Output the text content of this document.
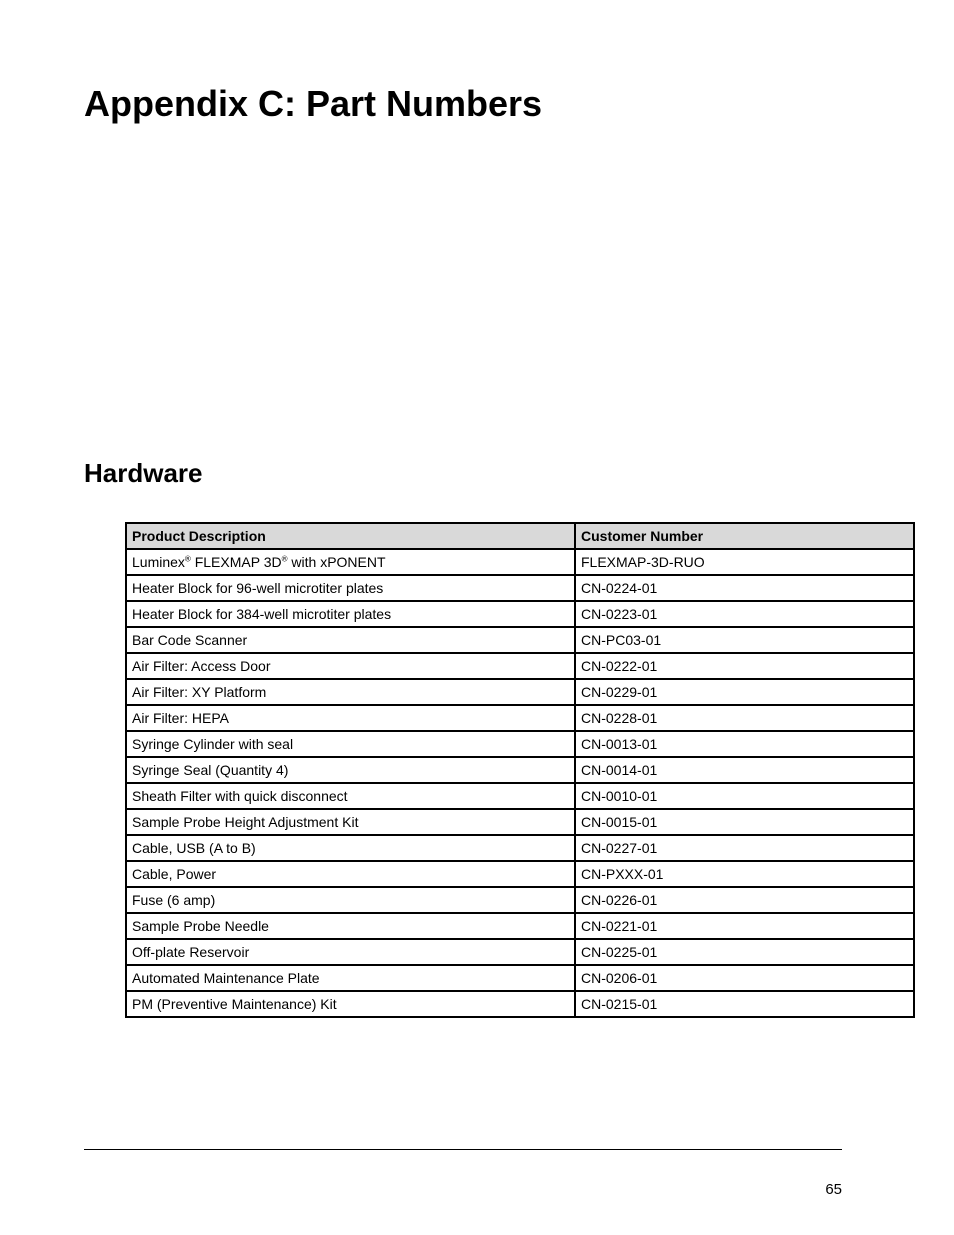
Appendix C: Part Numbers
Hardware
Product Description	Customer Number
Luminex® FLEXMAP 3D® with xPONENT	FLEXMAP-3D-RUO
Heater Block for 96-well microtiter plates	CN-0224-01
Heater Block for 384-well microtiter plates	CN-0223-01
Bar Code Scanner	CN-PC03-01
Air Filter: Access Door	CN-0222-01
Air Filter: XY Platform	CN-0229-01
Air Filter: HEPA	CN-0228-01
Syringe Cylinder with seal	CN-0013-01
Syringe Seal (Quantity 4)	CN-0014-01
Sheath Filter with quick disconnect	CN-0010-01
Sample Probe Height Adjustment Kit	CN-0015-01
Cable, USB (A to B)	CN-0227-01
Cable, Power	CN-PXXX-01
Fuse (6 amp)	CN-0226-01
Sample Probe Needle	CN-0221-01
Off-plate Reservoir	CN-0225-01
Automated Maintenance Plate	CN-0206-01
PM (Preventive Maintenance) Kit	CN-0215-01
65
